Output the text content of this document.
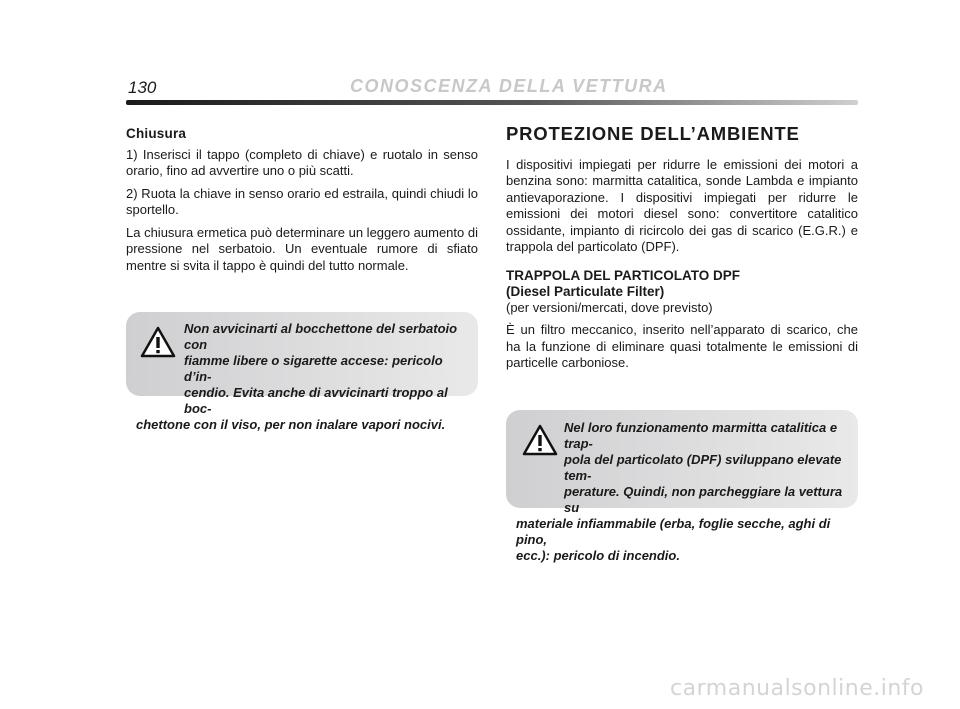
130	CONOSCENZA DELLA VETTURA
Chiusura

1) Inserisci il tappo (completo di chiave) e ruotalo in senso orario, fino ad avvertire uno o più scatti.

2) Ruota la chiave in senso orario ed estraila, quindi chiudi lo sportello.

La chiusura ermetica può determinare un leggero aumento di pressione nel serbatoio. Un eventuale rumore di sfiato mentre si svita il tappo è quindi del tutto normale.

Non avvicinarti al bocchettone del serbatoio con
fiamme libere o sigarette accese: pericolo d’in-
cendio. Evita anche di avvicinarti troppo al boc-
chettone con il viso, per non inalare vapori nocivi.
PROTEZIONE DELL’AMBIENTE

I dispositivi impiegati per ridurre le emissioni dei motori a benzina sono: marmitta catalitica, sonde Lambda e impianto antievaporazione. I dispositivi impiegati per ridurre le emissioni dei motori diesel sono: convertitore catalitico ossidante, impianto di ricircolo dei gas di scarico (E.G.R.) e trappola del particolato (DPF).

TRAPPOLA DEL PARTICOLATO DPF
(Diesel Particulate Filter)

(per versioni/mercati, dove previsto)

È un filtro meccanico, inserito nell’apparato di scarico, che ha la funzione di eliminare quasi totalmente le emissioni di particelle carboniose.

Nel loro funzionamento marmitta catalitica e trap-
pola del particolato (DPF) sviluppano elevate tem-
perature. Quindi, non parcheggiare la vettura su
materiale infiammabile (erba, foglie secche, aghi di pino,
ecc.): pericolo di incendio.
carmanualsonline.info
